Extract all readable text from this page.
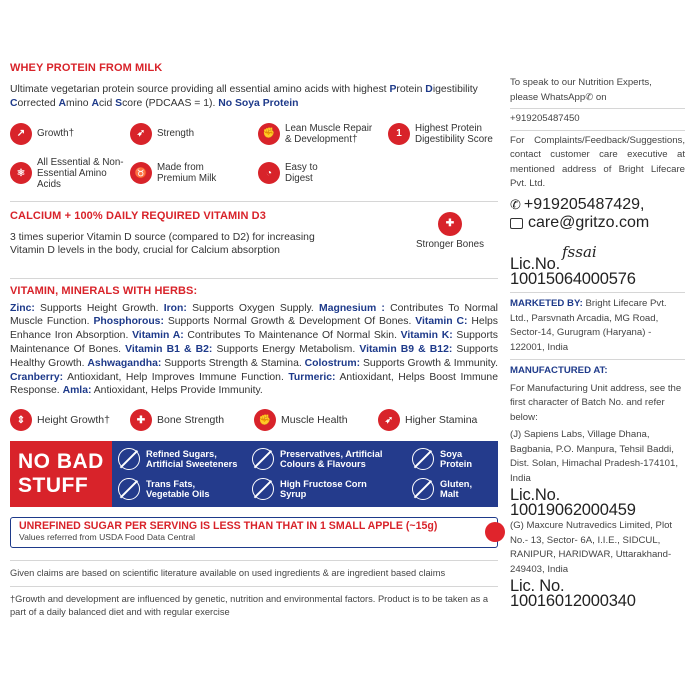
WHEY PROTEIN FROM MILK
Ultimate vegetarian protein source providing all essential amino acids with highest Protein Digestibility
Corrected Amino Acid Score (PDCAAS = 1). No Soya Protein
↗	Growth†	➶	Strength	✊ Lean Muscle Repair & Development†	1	Highest Protein Digestibility Score
⚛
All Essential & Non-Essential Amino Acids
♉ Made from Premium Milk	◔	Easy to Digest
CALCIUM + 100% DAILY REQUIRED VITAMIN D3
3 times superior Vitamin D source (compared to D2) for increasing Vitamin D levels in the body, crucial for Calcium absorption
✚
Stronger Bones
VITAMIN, MINERALS WITH HERBS:
Zinc: Supports Height Growth. Iron: Supports Oxygen Supply. Magnesium : Contributes To Normal Muscle Function. Phosphorous: Supports Normal Growth & Development Of Bones. Vitamin C: Helps Enhance Iron Absorption. Vitamin A: Contributes To Maintenance Of Normal Skin. Vitamin K: Supports Maintenance Of Bones. Vitamin B1 & B2: Supports Energy Metabolism. Vitamin B9 & B12: Supports Healthy Growth. Ashwagandha: Supports Strength & Stamina. Colostrum: Supports Growth & Immunity. Cranberry: Antioxidant, Help Improves Immune Function. Turmeric: Antioxidant, Helps Boost Immune Response. Amla: Antioxidant, Helps Provide Immunity.
⇕	Height Growth†	✚	Bone Strength	✊ Muscle Health	➶	Higher Stamina
NO BAD
STUFF
Refined Sugars,
Artificial Sweeteners
Preservatives, Artificial
Colours & Flavours
Soya
Protein
Trans Fats,
Vegetable Oils
High Fructose Corn
Syrup
Gluten,
Malt
UNREFINED SUGAR PER SERVING IS LESS THAN THAT IN 1 SMALL APPLE (~15g)
Values referred from USDA Food Data Central
Given claims are based on scientific literature available on used ingredients & are ingredient based claims
†Growth and development are influenced by genetic, nutrition and environmental factors. Product is to be taken as a part of a daily balanced diet and with regular exercise
To speak to our Nutrition Experts,
please WhatsApp✆ on
+919205487450
For Complaints/Feedback/Suggestions, contact customer care executive at mentioned address of Bright Lifecare Pvt. Ltd.
✆ +919205487429,
care@gritzo.com
fssai
Lic.No. 10015064000576
MARKETED BY: Bright Lifecare Pvt. Ltd., Parsvnath Arcadia, MG Road, Sector-14, Gurugram (Haryana) - 122001, India
MANUFACTURED AT:
For Manufacturing Unit address, see the first character of Batch No. and refer below:
(J) Sapiens Labs, Village Dhana, Bagbania, P.O. Manpura, Tehsil Baddi, Dist. Solan, Himachal Pradesh-174101, India
Lic.No. 10019062000459
(G) Maxcure Nutravedics Limited, Plot No.- 13, Sector- 6A, I.I.E., SIDCUL, RANIPUR, HARIDWAR, Uttarakhand- 249403, India
Lic. No. 10016012000340
